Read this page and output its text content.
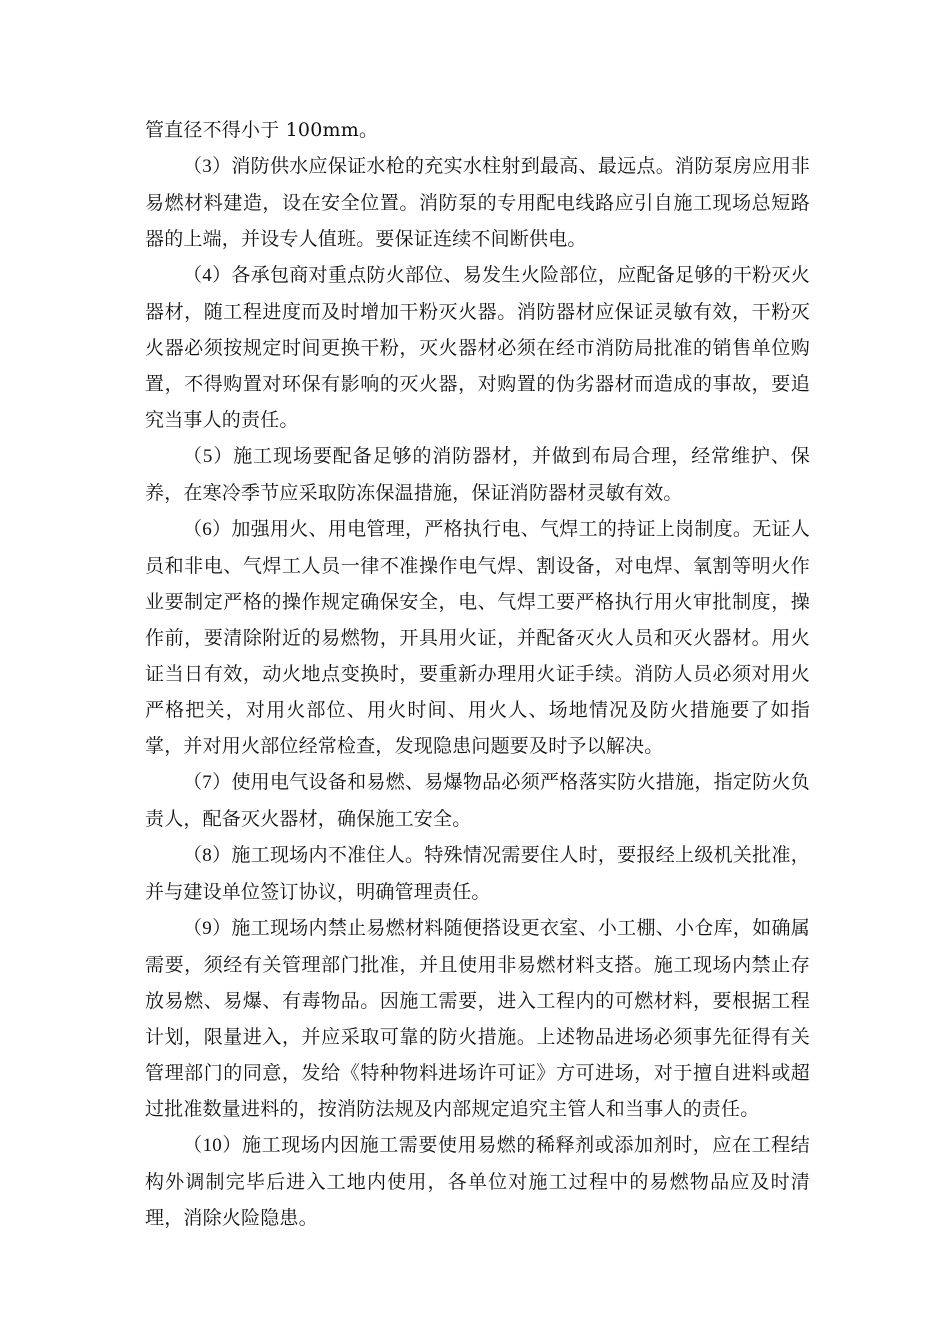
管直径不得小于 100mm。

（3）消防供水应保证水枪的充实水柱射到最高、最远点。消防泵房应用非易燃材料建造，设在安全位置。消防泵的专用配电线路应引自施工现场总短路器的上端，并设专人值班。要保证连续不间断供电。

（4）各承包商对重点防火部位、易发生火险部位，应配备足够的干粉灭火器材，随工程进度而及时增加干粉灭火器。消防器材应保证灵敏有效，干粉灭火器必须按规定时间更换干粉，灭火器材必须在经市消防局批准的销售单位购置，不得购置对环保有影响的灭火器，对购置的伪劣器材而造成的事故，要追究当事人的责任。

（5）施工现场要配备足够的消防器材，并做到布局合理，经常维护、保养，在寒冷季节应采取防冻保温措施，保证消防器材灵敏有效。

（6）加强用火、用电管理，严格执行电、气焊工的持证上岗制度。无证人员和非电、气焊工人员一律不准操作电气焊、割设备，对电焊、氧割等明火作业要制定严格的操作规定确保安全，电、气焊工要严格执行用火审批制度，操作前，要清除附近的易燃物，开具用火证，并配备灭火人员和灭火器材。用火证当日有效，动火地点变换时，要重新办理用火证手续。消防人员必须对用火严格把关，对用火部位、用火时间、用火人、场地情况及防火措施要了如指掌，并对用火部位经常检查，发现隐患问题要及时予以解决。

（7）使用电气设备和易燃、易爆物品必须严格落实防火措施，指定防火负责人，配备灭火器材，确保施工安全。

（8）施工现场内不准住人。特殊情况需要住人时，要报经上级机关批准，并与建设单位签订协议，明确管理责任。

（9）施工现场内禁止易燃材料随便搭设更衣室、小工棚、小仓库，如确属需要，须经有关管理部门批准，并且使用非易燃材料支搭。施工现场内禁止存放易燃、易爆、有毒物品。因施工需要，进入工程内的可燃材料，要根据工程计划，限量进入，并应采取可靠的防火措施。上述物品进场必须事先征得有关管理部门的同意，发给《特种物料进场许可证》方可进场，对于擅自进料或超过批准数量进料的，按消防法规及内部规定追究主管人和当事人的责任。

（10）施工现场内因施工需要使用易燃的稀释剂或添加剂时，应在工程结构外调制完毕后进入工地内使用，各单位对施工过程中的易燃物品应及时清理，消除火险隐患。
